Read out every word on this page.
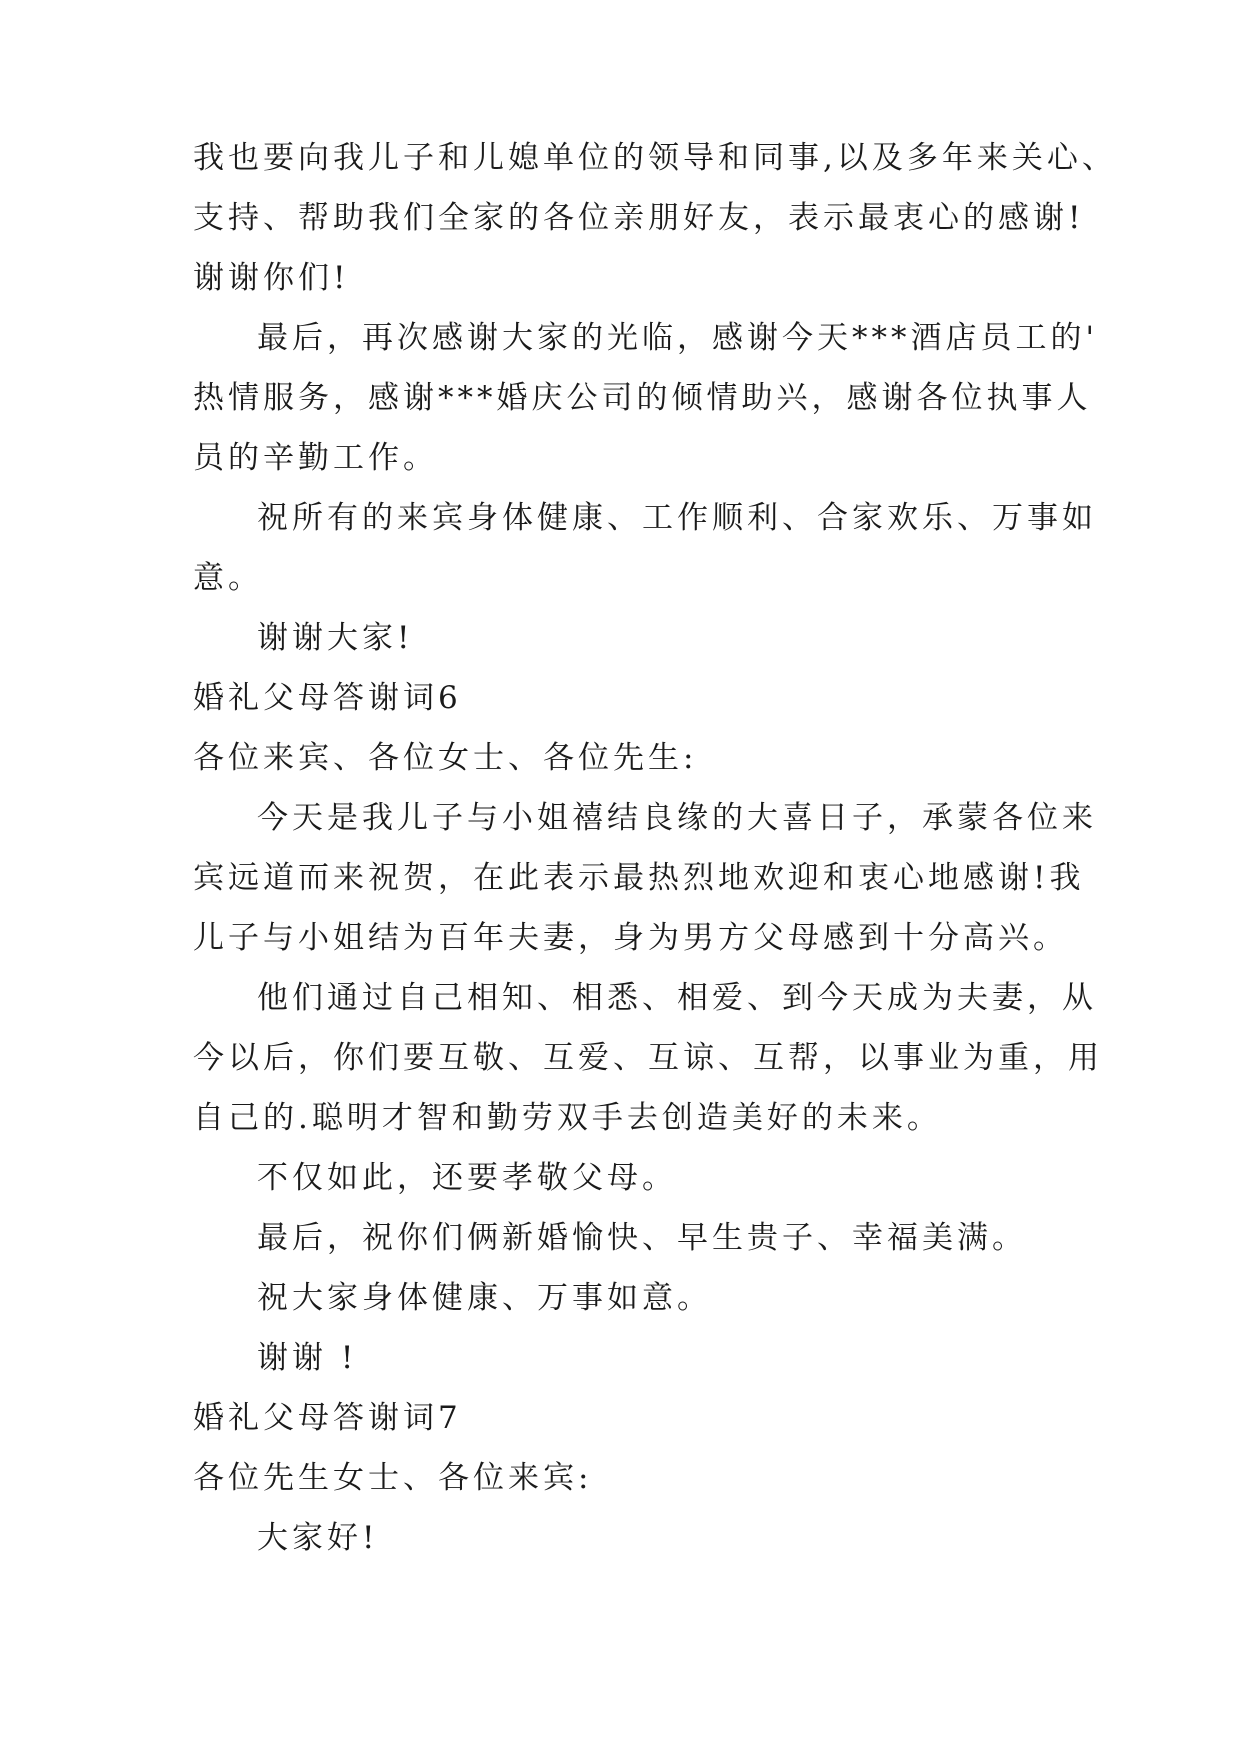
我也要向我儿子和儿媳单位的领导和同事,以及多年来关心、
支持、帮助我们全家的各位亲朋好友，表示最衷心的感谢!
谢谢你们!
最后，再次感谢大家的光临，感谢今天***酒店员工的'
热情服务，感谢***婚庆公司的倾情助兴，感谢各位执事人
员的辛勤工作。
祝所有的来宾身体健康、工作顺利、合家欢乐、万事如
意。
谢谢大家!
婚礼父母答谢词6
各位来宾、各位女士、各位先生:
今天是我儿子与小姐禧结良缘的大喜日子，承蒙各位来
宾远道而来祝贺，在此表示最热烈地欢迎和衷心地感谢!我
儿子与小姐结为百年夫妻，身为男方父母感到十分高兴。
他们通过自己相知、相悉、相爱、到今天成为夫妻，从
今以后，你们要互敬、互爱、互谅、互帮，以事业为重，用
自己的.聪明才智和勤劳双手去创造美好的未来。
不仅如此，还要孝敬父母。
最后，祝你们俩新婚愉快、早生贵子、幸福美满。
祝大家身体健康、万事如意。
谢谢 !
婚礼父母答谢词7
各位先生女士、各位来宾:
大家好!
